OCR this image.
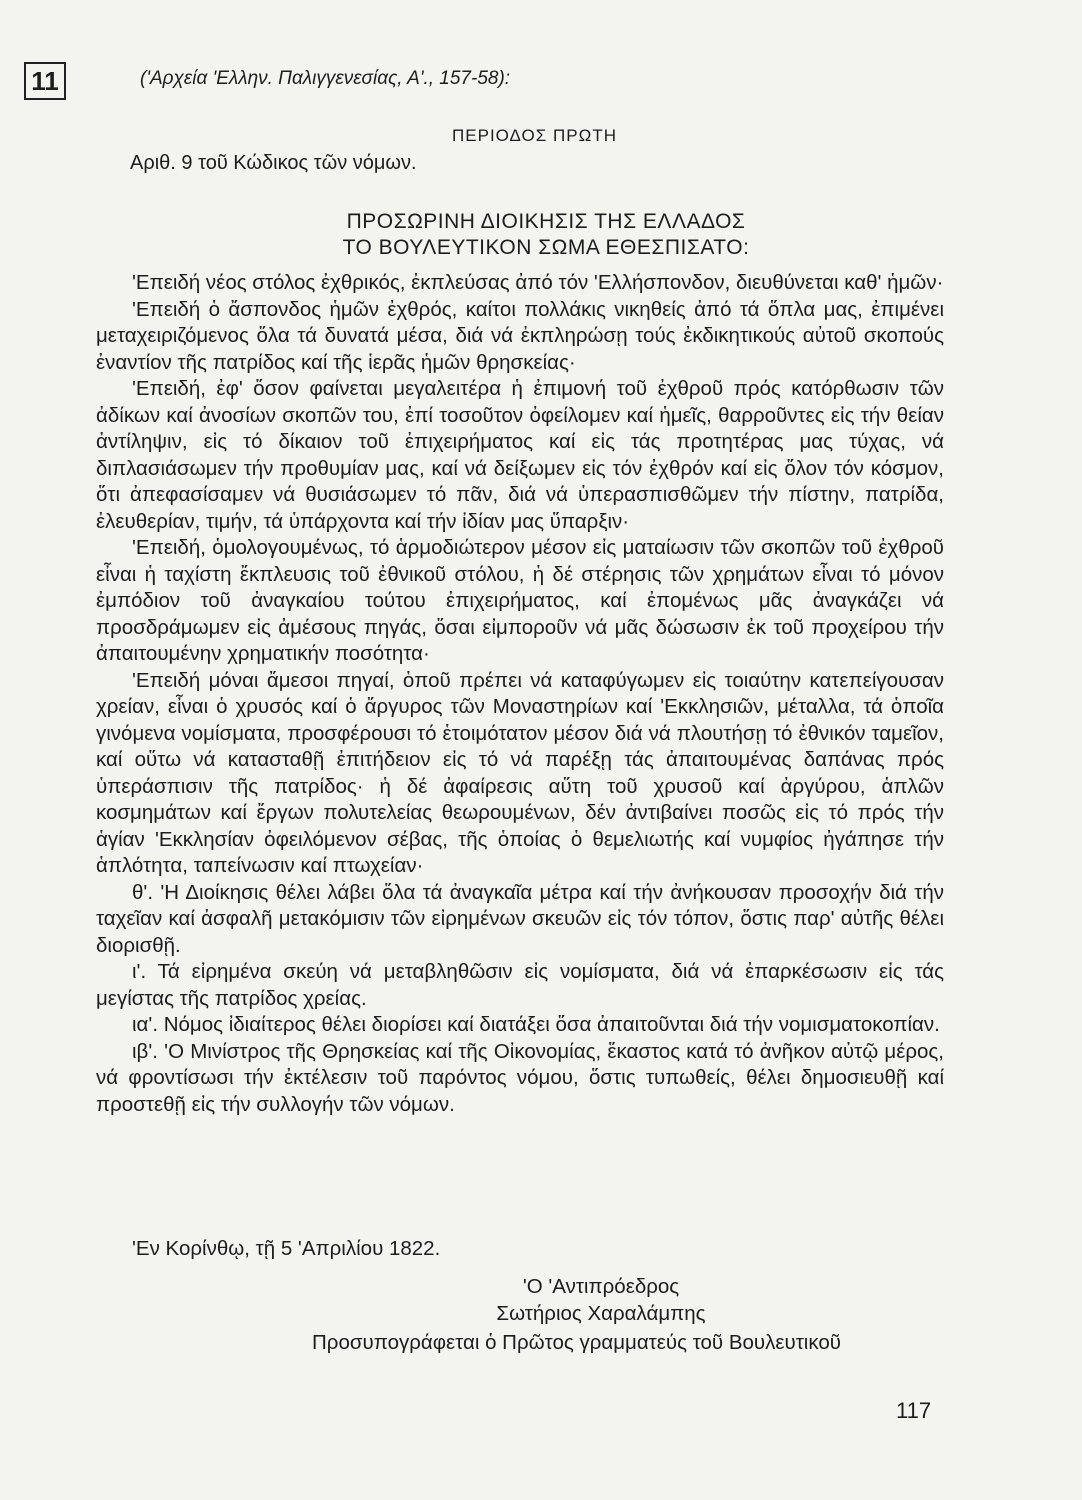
11	('Αρχεία 'Ελλην. Παλιγγενεσίας, Α'., 157-58):
ΠΕΡΙΟΔΟΣ ΠΡΩΤΗ
Αριθ. 9 τοῦ Κώδικος τῶν νόμων.
ΠΡΟΣΩΡΙΝΗ ΔΙΟΙΚΗΣΙΣ ΤΗΣ ΕΛΛΑΔΟΣ
ΤΟ ΒΟΥΛΕΥΤΙΚΟΝ ΣΩΜΑ ΕΘΕΣΠΙΣΑΤΟ:

'Επειδή νέος στόλος ἐχθρικός, ἐκπλεύσας ἀπό τόν 'Ελλήσπονδον, διευθύνεται καθ' ἡμῶν·

'Επειδή ὁ ἄσπονδος ἡμῶν ἐχθρός, καίτοι πολλάκις νικηθείς ἀπό τά ὅπλα μας, ἐπιμένει μεταχειριζόμενος ὅλα τά δυνατά μέσα, διά νά ἐκπληρώσῃ τούς ἐκδικητικούς αὐτοῦ σκοπούς ἐναντίον τῆς πατρίδος καί τῆς ἱερᾶς ἡμῶν θρησκείας·

'Επειδή, ἐφ' ὅσον φαίνεται μεγαλειτέρα ἡ ἐπιμονή τοῦ ἐχθροῦ πρός κατόρθωσιν τῶν ἀδίκων καί ἀνοσίων σκοπῶν του, ἐπί τοσοῦτον ὀφείλομεν καί ἡμεῖς, θαρροῦντες εἰς τήν θείαν ἀντίληψιν, εἰς τό δίκαιον τοῦ ἐπιχειρήματος καί εἰς τάς προτητέρας μας τύχας, νά διπλασιάσωμεν τήν προθυμίαν μας, καί νά δείξωμεν εἰς τόν ἐχθρόν καί εἰς ὅλον τόν κόσμον, ὅτι ἀπεφασίσαμεν νά θυσιάσωμεν τό πᾶν, διά νά ὑπερασπισθῶμεν τήν πίστην, πατρίδα, ἐλευθερίαν, τιμήν, τά ὑπάρχοντα καί τήν ἰδίαν μας ὕπαρξιν·

'Επειδή, ὁμολογουμένως, τό ἁρμοδιώτερον μέσον εἰς ματαίωσιν τῶν σκοπῶν τοῦ ἐχθροῦ εἶναι ἡ ταχίστη ἔκπλευσις τοῦ ἐθνικοῦ στόλου, ἡ δέ στέρησις τῶν χρημάτων εἶναι τό μόνον ἐμπόδιον τοῦ ἀναγκαίου τούτου ἐπιχειρήματος, καί ἐπομένως μᾶς ἀναγκάζει νά προσδράμωμεν εἰς ἀμέσους πηγάς, ὅσαι εἰμποροῦν νά μᾶς δώσωσιν ἐκ τοῦ προχείρου τήν ἀπαιτουμένην χρηματικήν ποσότητα·

'Επειδή μόναι ἄμεσοι πηγαί, ὁποῦ πρέπει νά καταφύγωμεν εἰς τοιαύτην κατεπείγουσαν χρείαν, εἶναι ὁ χρυσός καί ὁ ἄργυρος τῶν Μοναστηρίων καί 'Εκκλησιῶν, μέταλλα, τά ὁποῖα γινόμενα νομίσματα, προσφέρουσι τό ἑτοιμότατον μέσον διά νά πλουτήσῃ τό ἐθνικόν ταμεῖον, καί οὕτω νά κατασταθῇ ἐπιτήδειον εἰς τό νά παρέξῃ τάς ἀπαιτουμένας δαπάνας πρός ὑπεράσπισιν τῆς πατρίδος· ἡ δέ ἀφαίρεσις αὕτη τοῦ χρυσοῦ καί ἀργύρου, ἁπλῶν κοσμημάτων καί ἔργων πολυτελείας θεωρουμένων, δέν ἀντιβαίνει ποσῶς εἰς τό πρός τήν ἁγίαν 'Εκκλησίαν ὀφειλόμενον σέβας, τῆς ὁποίας ὁ θεμελιωτής καί νυμφίος ἠγάπησε τήν ἁπλότητα, ταπείνωσιν καί πτωχείαν·

θ'. 'Η Διοίκησις θέλει λάβει ὅλα τά ἀναγκαῖα μέτρα καί τήν ἀνήκουσαν προσοχήν διά τήν ταχεῖαν καί ἀσφαλῆ μετακόμισιν τῶν εἰρημένων σκευῶν εἰς τόν τόπον, ὅστις παρ' αὐτῆς θέλει διορισθῇ.

ι'. Τά εἰρημένα σκεύη νά μεταβληθῶσιν εἰς νομίσματα, διά νά ἐπαρκέσωσιν εἰς τάς μεγίστας τῆς πατρίδος χρείας.

ια'. Νόμος ἰδιαίτερος θέλει διορίσει καί διατάξει ὅσα ἀπαιτοῦνται διά τήν νομισματοκοπίαν.

ιβ'. 'Ο Μινίστρος τῆς Θρησκείας καί τῆς Οἰκονομίας, ἕκαστος κατά τό ἀνῆκον αὐτῷ μέρος, νά φροντίσωσι τήν ἐκτέλεσιν τοῦ παρόντος νόμου, ὅστις τυπωθείς, θέλει δημοσιευθῇ καί προστεθῇ εἰς τήν συλλογήν τῶν νόμων.

'Εν Κορίνθῳ, τῇ 5 'Απριλίου 1822.
'Ο 'Αντιπρόεδρος
Σωτήριος Χαραλάμπης
Προσυπογράφεται ὁ Πρῶτος γραμματεύς τοῦ Βουλευτικοῦ
117
